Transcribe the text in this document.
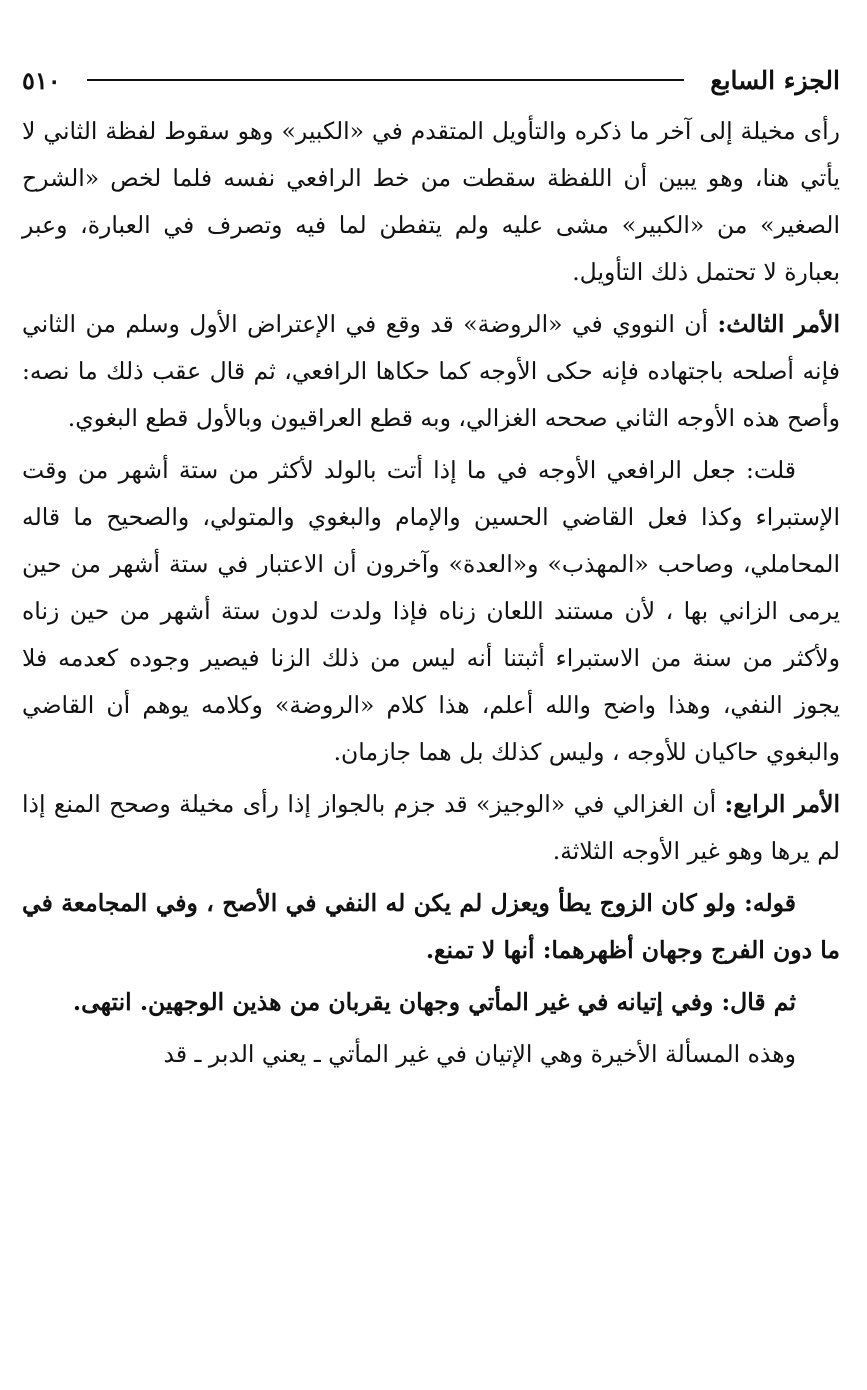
الجزء السابع
٥١٠

رأى مخيلة إلى آخر ما ذكره والتأويل المتقدم في «الكبير» وهو سقوط لفظة الثاني لا يأتي هنا، وهو يبين أن اللفظة سقطت من خط الرافعي نفسه فلما لخص «الشرح الصغير» من «الكبير» مشى عليه ولم يتفطن لما فيه وتصرف في العبارة، وعبر بعبارة لا تحتمل ذلك التأويل.

الأمر الثالث: أن النووي في «الروضة» قد وقع في الإعتراض الأول وسلم من الثاني فإنه أصلحه باجتهاده فإنه حكى الأوجه كما حكاها الرافعي، ثم قال عقب ذلك ما نصه: وأصح هذه الأوجه الثاني صححه الغزالي، وبه قطع العراقيون وبالأول قطع البغوي.

قلت: جعل الرافعي الأوجه في ما إذا أتت بالولد لأكثر من ستة أشهر من وقت الإستبراء وكذا فعل القاضي الحسين والإمام والبغوي والمتولي، والصحيح ما قاله المحاملي، وصاحب «المهذب» و«العدة» وآخرون أن الاعتبار في ستة أشهر من حين يرمى الزاني بها ، لأن مستند اللعان زناه فإذا ولدت لدون ستة أشهر من حين زناه ولأكثر من سنة من الاستبراء أثبتنا أنه ليس من ذلك الزنا فيصير وجوده كعدمه فلا يجوز النفي، وهذا واضح والله أعلم، هذا كلام «الروضة» وكلامه يوهم أن القاضي والبغوي حاكيان للأوجه ، وليس كذلك بل هما جازمان.

الأمر الرابع: أن الغزالي في «الوجيز» قد جزم بالجواز إذا رأى مخيلة وصحح المنع إذا لم يرها وهو غير الأوجه الثلاثة.

قوله: ولو كان الزوج يطأ ويعزل لم يكن له النفي في الأصح ، وفي المجامعة في ما دون الفرج وجهان أظهرهما: أنها لا تمنع.

ثم قال: وفي إتيانه في غير المأتي وجهان يقربان من هذين الوجهين. انتهى.

وهذه المسألة الأخيرة وهي الإتيان في غير المأتي ـ يعني الدبر ـ قد
